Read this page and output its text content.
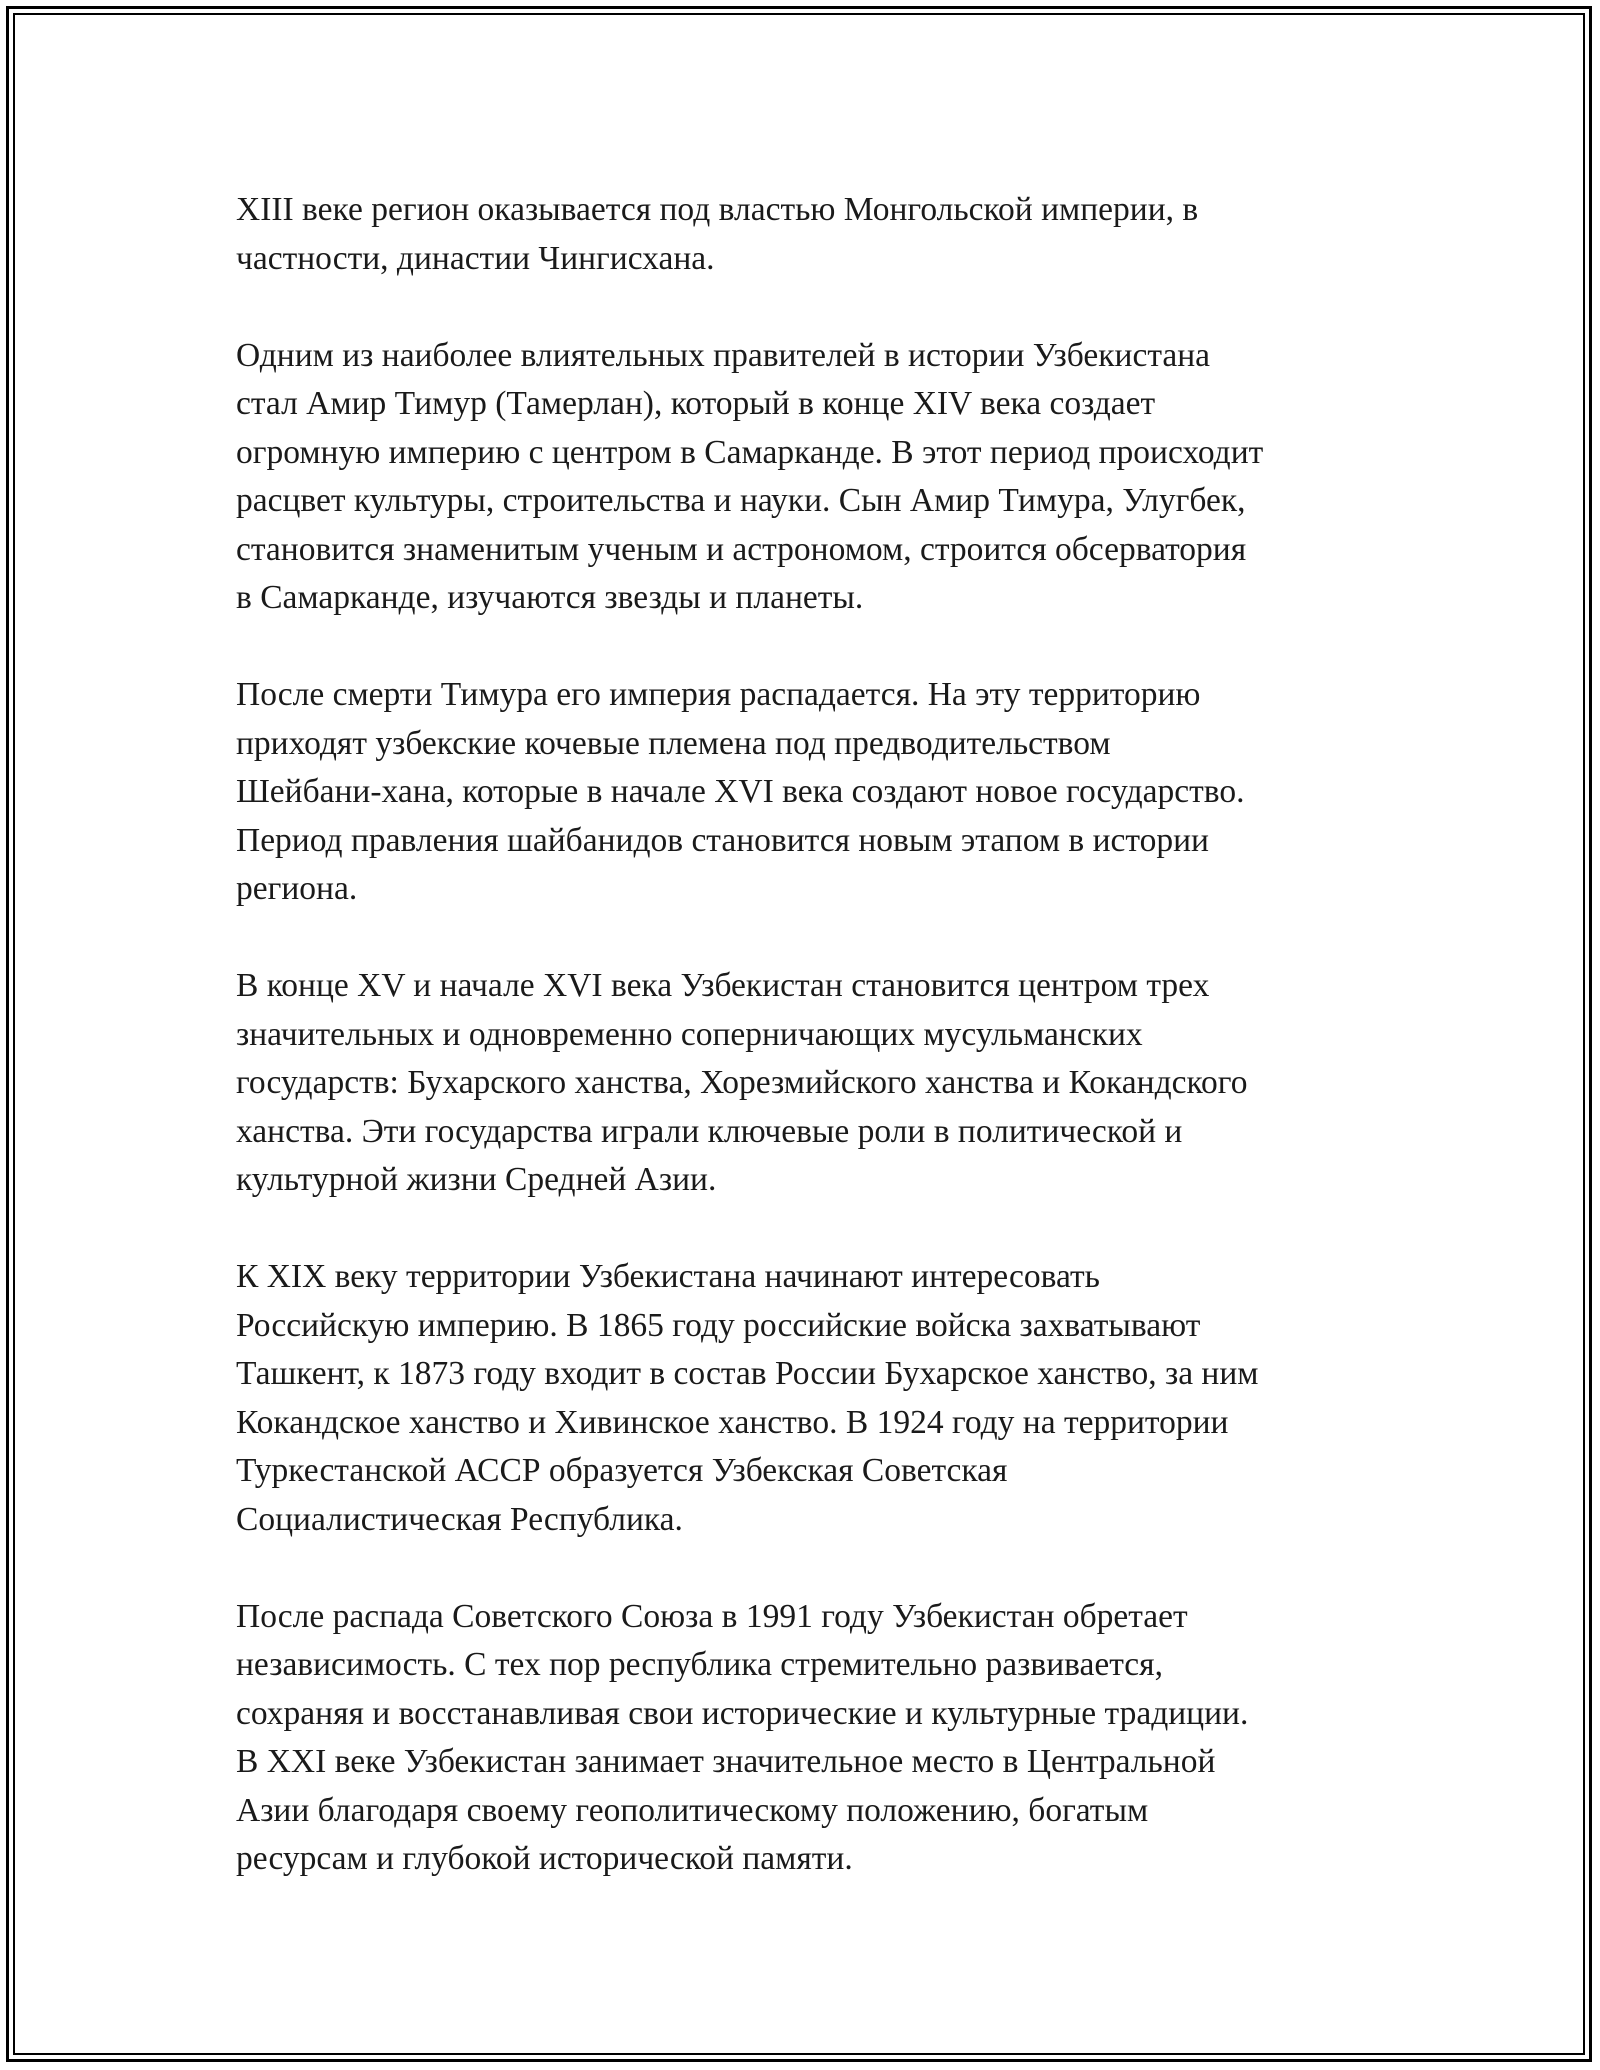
XIII веке регион оказывается под властью Монгольской империи, в
частности, династии Чингисхана.

Одним из наиболее влиятельных правителей в истории Узбекистана
стал Амир Тимур (Тамерлан), который в конце XIV века создает
огромную империю с центром в Самарканде. В этот период происходит
расцвет культуры, строительства и науки. Сын Амир Тимура, Улугбек,
становится знаменитым ученым и астрономом, строится обсерватория
в Самарканде, изучаются звезды и планеты.

После смерти Тимура его империя распадается. На эту территорию
приходят узбекские кочевые племена под предводительством
Шейбани-хана, которые в начале XVI века создают новое государство.
Период правления шайбанидов становится новым этапом в истории
региона.

В конце XV и начале XVI века Узбекистан становится центром трех
значительных и одновременно соперничающих мусульманских
государств: Бухарского ханства, Хорезмийского ханства и Кокандского
ханства. Эти государства играли ключевые роли в политической и
культурной жизни Средней Азии.

К XIX веку территории Узбекистана начинают интересовать
Российскую империю. В 1865 году российские войска захватывают
Ташкент, к 1873 году входит в состав России Бухарское ханство, за ним
Кокандское ханство и Хивинское ханство. В 1924 году на территории
Туркестанской АССР образуется Узбекская Советская
Социалистическая Республика.

После распада Советского Союза в 1991 году Узбекистан обретает
независимость. С тех пор республика стремительно развивается,
сохраняя и восстанавливая свои исторические и культурные традиции.
В XXI веке Узбекистан занимает значительное место в Центральной
Азии благодаря своему геополитическому положению, богатым
ресурсам и глубокой исторической памяти.
